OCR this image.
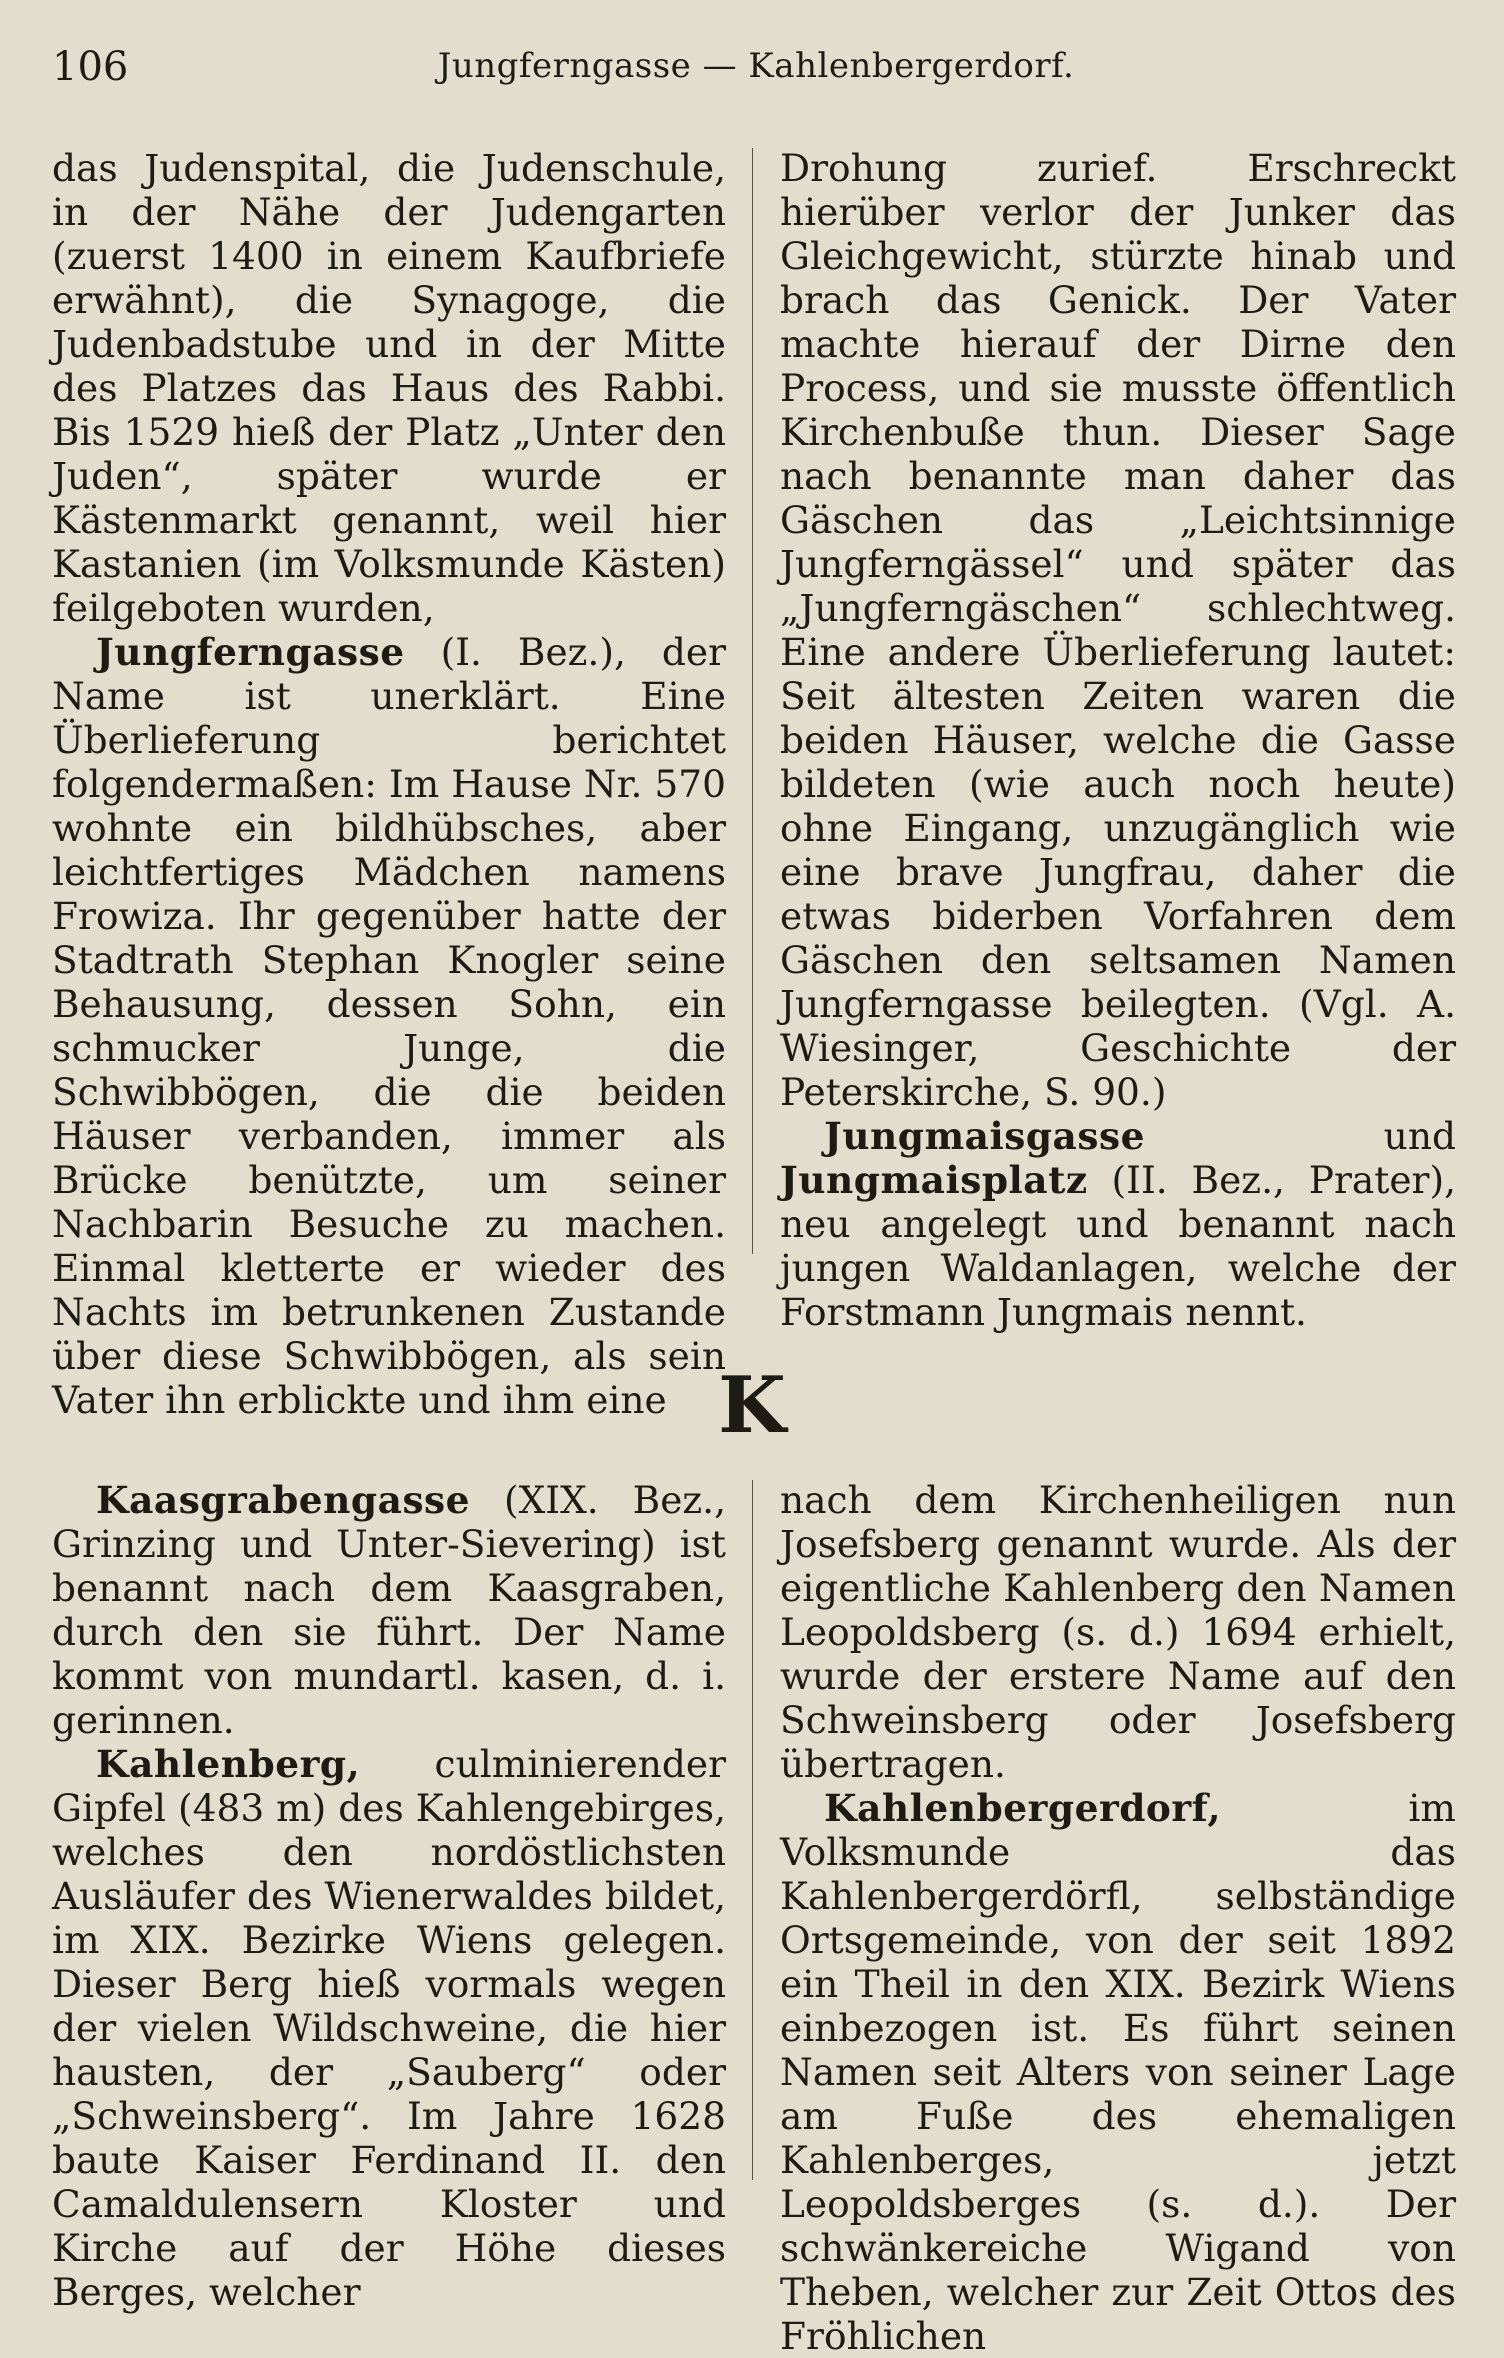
106	Jungferngasse — Kahlenbergerdorf.

das Judenspital, die Judenschule, in der Nähe der Judengarten (zuerst 1400 in einem Kaufbriefe erwähnt), die Synagoge, die Judenbadstube und in der Mitte des Platzes das Haus des Rabbi. Bis 1529 hieß der Platz „Unter den Juden“, später wurde er Kästenmarkt genannt, weil hier Kastanien (im Volksmunde Kästen) feilgeboten wurden,

Jungferngasse (I. Bez.), der Name ist unerklärt. Eine Überlieferung berichtet folgendermaßen: Im Hause Nr. 570 wohnte ein bildhübsches, aber leichtfertiges Mädchen namens Frowiza. Ihr gegenüber hatte der Stadtrath Stephan Knogler seine Behausung, dessen Sohn, ein schmucker Junge, die Schwibbögen, die die beiden Häuser verbanden, immer als Brücke benützte, um seiner Nachbarin Besuche zu machen. Einmal kletterte er wieder des Nachts im betrunkenen Zustande über diese Schwibbögen, als sein Vater ihn erblickte und ihm eine

Drohung zurief. Erschreckt hierüber verlor der Junker das Gleichgewicht, stürzte hinab und brach das Genick. Der Vater machte hierauf der Dirne den Process, und sie musste öffentlich Kirchenbuße thun. Dieser Sage nach benannte man daher das Gäschen das „Leichtsinnige Jungferngässel“ und später das „Jungferngäschen“ schlechtweg. Eine andere Überlieferung lautet: Seit ältesten Zeiten waren die beiden Häuser, welche die Gasse bildeten (wie auch noch heute) ohne Eingang, unzugänglich wie eine brave Jungfrau, daher die etwas biderben Vorfahren dem Gäschen den seltsamen Namen Jungferngasse beilegten. (Vgl. A. Wiesinger, Geschichte der Peterskirche, S. 90.)

Jungmaisgasse und Jungmaisplatz (II. Bez., Prater), neu angelegt und benannt nach jungen Waldanlagen, welche der Forstmann Jungmais nennt.

K

Kaasgrabengasse (XIX. Bez., Grinzing und Unter-Sievering) ist benannt nach dem Kaasgraben, durch den sie führt. Der Name kommt von mundartl. kasen, d. i. gerinnen.

Kahlenberg, culminierender Gipfel (483 m) des Kahlengebirges, welches den nordöstlichsten Ausläufer des Wienerwaldes bildet, im XIX. Bezirke Wiens gelegen. Dieser Berg hieß vormals wegen der vielen Wildschweine, die hier hausten, der „Sauberg“ oder „Schweinsberg“. Im Jahre 1628 baute Kaiser Ferdinand II. den Camaldulensern Kloster und Kirche auf der Höhe dieses Berges, welcher

nach dem Kirchenheiligen nun Josefsberg genannt wurde. Als der eigentliche Kahlenberg den Namen Leopoldsberg (s. d.) 1694 erhielt, wurde der erstere Name auf den Schweinsberg oder Josefsberg übertragen.

Kahlenbergerdorf, im Volksmunde das Kahlenbergerdörfl, selbständige Ortsgemeinde, von der seit 1892 ein Theil in den XIX. Bezirk Wiens einbezogen ist. Es führt seinen Namen seit Alters von seiner Lage am Fuße des ehemaligen Kahlenberges, jetzt Leopoldsberges (s. d.). Der schwänkereiche Wigand von Theben, welcher zur Zeit Ottos des Fröhlichen
